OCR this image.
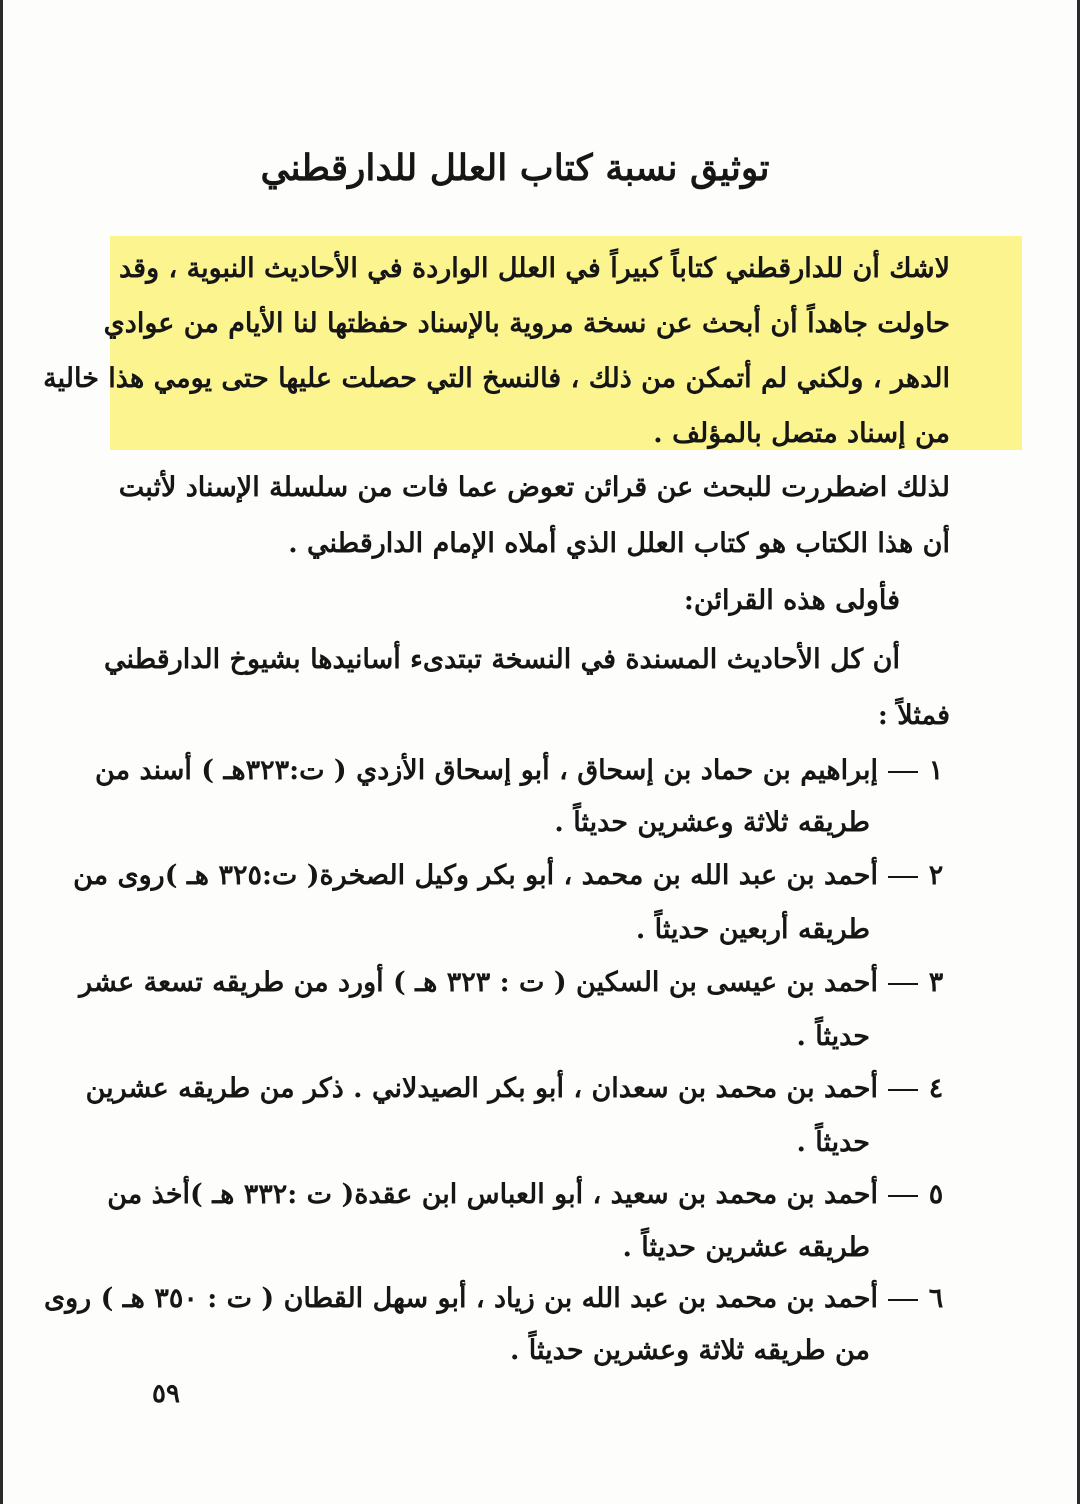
توثيق نسبة كتاب العلل للدارقطني
لاشك أن للدارقطني كتاباً كبيراً في العلل الواردة في الأحاديث النبوية ، وقد
حاولت جاهداً أن أبحث عن نسخة مروية بالإسناد حفظتها لنا الأيام من عوادي
الدهر ، ولكني لم أتمكن من ذلك ، فالنسخ التي حصلت عليها حتى يومي هذا خالية
من إسناد متصل بالمؤلف .
لذلك اضطررت للبحث عن قرائن تعوض عما فات من سلسلة الإسناد لأثبت
أن هذا الكتاب هو كتاب العلل الذي أملاه الإمام الدارقطني .
فأولى هذه القرائن:
أن كل الأحاديث المسندة في النسخة تبتدىء أسانيدها بشيوخ الدارقطني
فمثلاً :
١إبراهيم بن حماد بن إسحاق ، أبو إسحاق الأزدي ( ت:٣٢٣هـ ) أسند من
طريقه ثلاثة وعشرين حديثاً .
٢أحمد بن عبد الله بن محمد ، أبو بكر وكيل الصخرة( ت:٣٢٥ هـ )روى من
طريقه أربعين حديثاً .
٣أحمد بن عيسى بن السكين ( ت : ٣٢٣ هـ ) أورد من طريقه تسعة عشر
حديثاً .
٤أحمد بن محمد بن سعدان ، أبو بكر الصيدلاني . ذكر من طريقه عشرين
حديثاً .
٥أحمد بن محمد بن سعيد ، أبو العباس ابن عقدة( ت :٣٣٢ هـ )أخذ من
طريقه عشرين حديثاً .
٦أحمد بن محمد بن عبد الله بن زياد ، أبو سهل القطان ( ت : ٣٥٠ هـ ) روى
من طريقه ثلاثة وعشرين حديثاً .
٥٩
